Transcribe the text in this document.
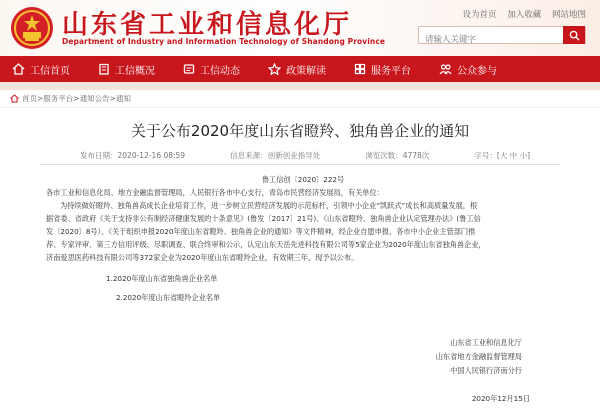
山东省工业和信息化厅
Department of Industry and Information Technology of Shandong Province
设为首页 加入收藏 网站地图
请输入关键字
工信首页	工信概况	工信动态	政策解读	服务平台	公众参与
首页>服务平台>通知公告>通知
关于公布2020年度山东省瞪羚、独角兽企业的通知
发布日期：2020-12-16 08:59	信息来源：创新创业指导处	浏览次数：4778次	字号：[大 中 小]
鲁工信创〔2020〕222号
各市工业和信息化局、地方金融监督管理局，人民银行各市中心支行，青岛市民营经济发展局，有关单位：
为持续做好瞪羚、独角兽高成长企业培育工作，进一步树立民营经济发展的示范标杆，引领中小企业“凯跃式”成长和高质量发展，根
据省委、省政府《关于支持非公有制经济健康发展的十条意见》(鲁发〔2017〕21号)、《山东省瞪羚、独角兽企业认定管理办法》(鲁工信
发〔2020〕8号）、《关于组织申报2020年度山东省瞪羚、独角兽企业的通知》等文件精神，经企业自愿申报、各市中小企业主管部门推
荐、专家评审、第三方信用评级、尽职调查、联合终审和公示，认定山东天岳先进科技有限公司等5家企业为2020年度山东省独角兽企业，
济南爱思医药科技有限公司等372家企业为2020年度山东省瞪羚企业，有效期三年，现予以公布。
1.2020年度山东省独角兽企业名单
2.2020年度山东省瞪羚企业名单
山东省工业和信息化厅
山东省地方金融监督管理局
中国人民银行济南分行
2020年12月15日
